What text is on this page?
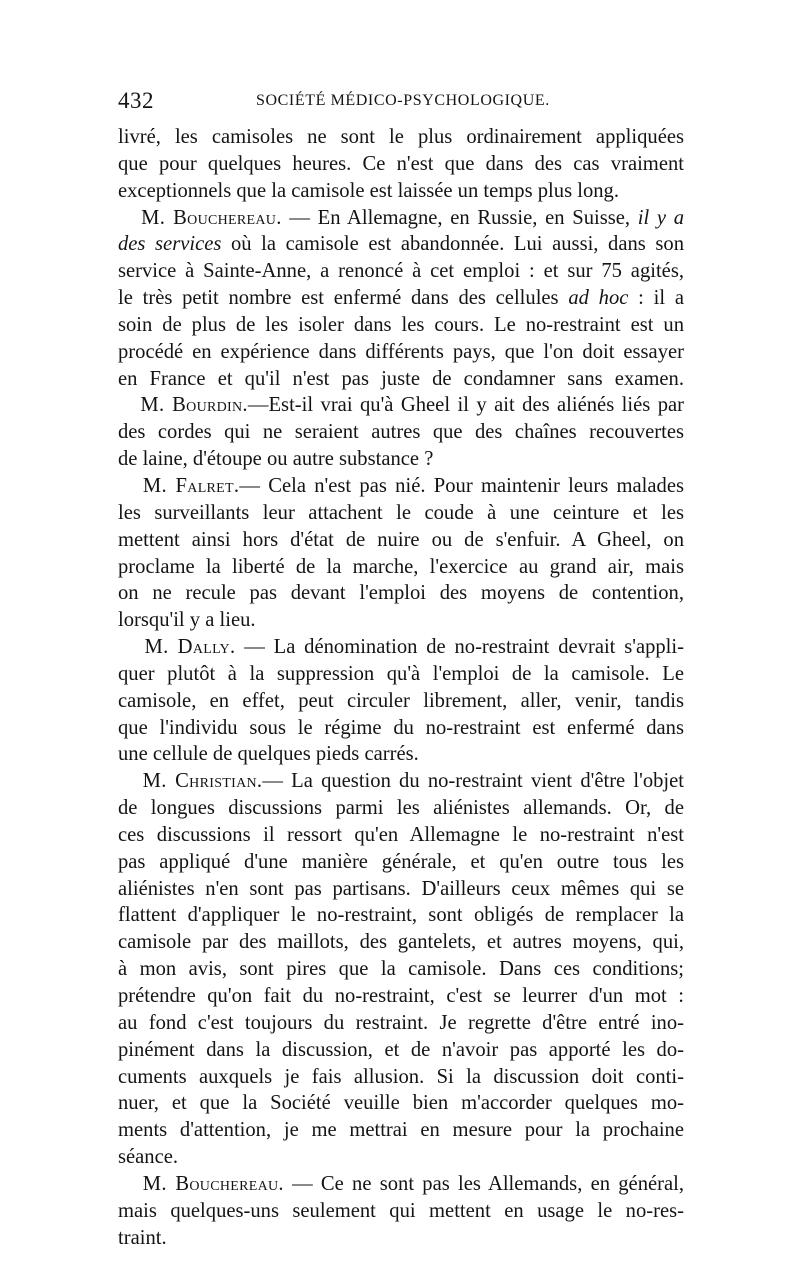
432	SOCIÉTÉ MÉDICO-PSYCHOLOGIQUE.
livré, les camisoles ne sont le plus ordinairement appliquées
que pour quelques heures. Ce n'est que dans des cas vraiment
exceptionnels que la camisole est laissée un temps plus long.
M. Bouchereau. — En Allemagne, en Russie, en Suisse, il y a
des services où la camisole est abandonnée. Lui aussi, dans son
service à Sainte-Anne, a renoncé à cet emploi : et sur 75 agités,
le très petit nombre est enfermé dans des cellules ad hoc : il a
soin de plus de les isoler dans les cours. Le no-restraint est un
procédé en expérience dans différents pays, que l'on doit essayer
en France et qu'il n'est pas juste de condamner sans examen.
M. Bourdin.—Est-il vrai qu'à Gheel il y ait des aliénés liés par
des cordes qui ne seraient autres que des chaînes recouvertes
de laine, d'étoupe ou autre substance ?
M. Falret.— Cela n'est pas nié. Pour maintenir leurs malades
les surveillants leur attachent le coude à une ceinture et les
mettent ainsi hors d'état de nuire ou de s'enfuir. A Gheel, on
proclame la liberté de la marche, l'exercice au grand air, mais
on ne recule pas devant l'emploi des moyens de contention,
lorsqu'il y a lieu.
M. Dally. — La dénomination de no-restraint devrait s'appli-
quer plutôt à la suppression qu'à l'emploi de la camisole. Le
camisole, en effet, peut circuler librement, aller, venir, tandis
que l'individu sous le régime du no-restraint est enfermé dans
une cellule de quelques pieds carrés.
M. Christian.— La question du no-restraint vient d'être l'objet
de longues discussions parmi les aliénistes allemands. Or, de
ces discussions il ressort qu'en Allemagne le no-restraint n'est
pas appliqué d'une manière générale, et qu'en outre tous les
aliénistes n'en sont pas partisans. D'ailleurs ceux mêmes qui se
flattent d'appliquer le no-restraint, sont obligés de remplacer la
camisole par des maillots, des gantelets, et autres moyens, qui,
à mon avis, sont pires que la camisole. Dans ces conditions;
prétendre qu'on fait du no-restraint, c'est se leurrer d'un mot :
au fond c'est toujours du restraint. Je regrette d'être entré ino-
pinément dans la discussion, et de n'avoir pas apporté les do-
cuments auxquels je fais allusion. Si la discussion doit conti-
nuer, et que la Société veuille bien m'accorder quelques mo-
ments d'attention, je me mettrai en mesure pour la prochaine
séance.
M. Bouchereau. — Ce ne sont pas les Allemands, en général,
mais quelques-uns seulement qui mettent en usage le no-res-
traint.
